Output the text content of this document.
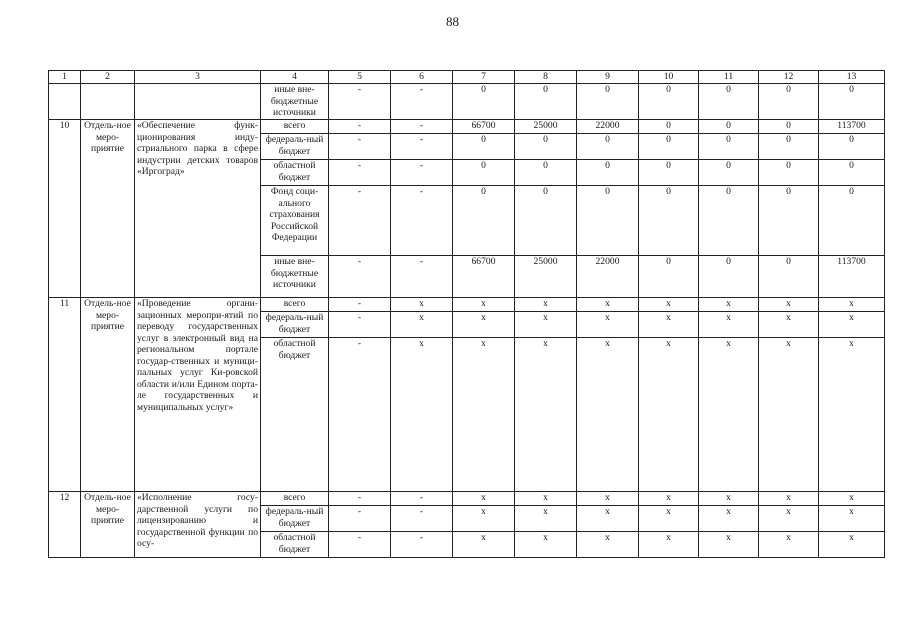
88
1	2	3	4	5	6	7	8	9	10	11	12	13
			иные вне-бюджетные источники	-	-	0	0	0	0	0	0	0
10	Отдель-ное меро-приятие	«Обеспечение функ-ционирования инду-стриального парка в сфере индустрии детских товаров «Иргоград»	всего	-	-	66700	25000	22000	0	0	0	113700
			федераль-ный бюджет	-	-	0	0	0	0	0	0	0
			областной бюджет	-	-	0	0	0	0	0	0	0
			Фонд соци-ального страхования Российской Федерации	-	-	0	0	0	0	0	0	0
			иные вне-бюджетные источники	-	-	66700	25000	22000	0	0	0	113700
11	Отдель-ное меро-приятие	«Проведение органи-зационных меропри-ятий по переводу государственных услуг в электронный вид на региональном портале государ-ственных и муници-пальных услуг Ки-ровской области и/или Едином порта-ле государственных и муниципальных услуг»	всего	-	x	x	x	x	x	x	x	x
			федераль-ный бюджет	-	x	x	x	x	x	x	x	x
			областной бюджет	-	x	x	x	x	x	x	x	x
12	Отдель-ное меро-приятие	«Исполнение госу-дарственной услуги по лицензированию и государственной функции по осу-	всего	-	-	x	x	x	x	x	x	x
			федераль-ный бюджет	-	-	x	x	x	x	x	x	x
			областной бюджет	-	-	x	x	x	x	x	x	x
